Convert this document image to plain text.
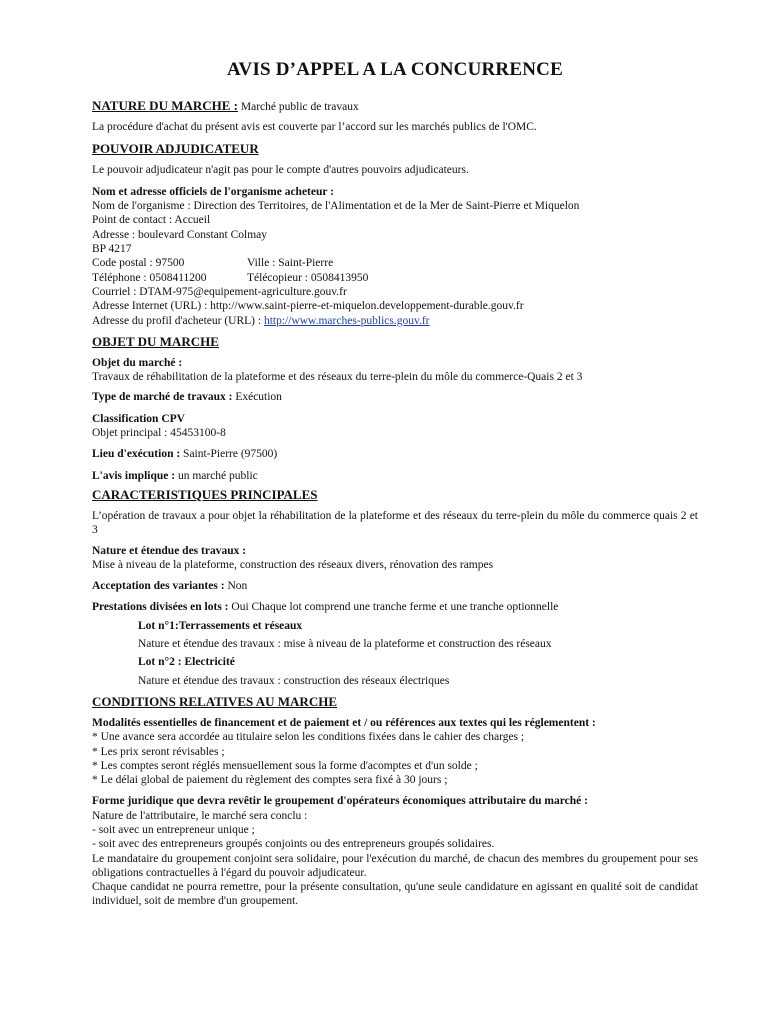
AVIS D’APPEL A LA CONCURRENCE

NATURE DU MARCHE : Marché public de travaux

La procédure d'achat du présent avis est couverte par l’accord sur les marchés publics de l'OMC.

POUVOIR ADJUDICATEUR

Le pouvoir adjudicateur n'agit pas pour le compte d'autres pouvoirs adjudicateurs.

Nom et adresse officiels de l'organisme acheteur :

Nom de l'organisme : Direction des Territoires, de l'Alimentation et de la Mer de Saint-Pierre et Miquelon

Point de contact : Accueil

Adresse : boulevard Constant Colmay

BP 4217

Code postal : 97500	Ville : Saint-Pierre

Téléphone : 0508411200	Télécopieur : 0508413950

Courriel : DTAM-975@equipement-agriculture.gouv.fr

Adresse Internet (URL) : http://www.saint-pierre-et-miquelon.developpement-durable.gouv.fr

Adresse du profil d'acheteur (URL) : http://www.marches-publics.gouv.fr

OBJET DU MARCHE

Objet du marché :

Travaux de réhabilitation de la plateforme et des réseaux du terre-plein du môle du commerce-Quais 2 et 3

Type de marché de travaux : Exécution

Classification CPV

Objet principal : 45453100-8

Lieu d'exécution : Saint-Pierre (97500)

L'avis implique : un marché public

CARACTERISTIQUES PRINCIPALES

L’opération de travaux a pour objet la réhabilitation de la plateforme et des réseaux du terre-plein du môle du commerce quais 2 et 3

Nature et étendue des travaux :

Mise à niveau de la plateforme, construction des réseaux divers, rénovation des rampes

Acceptation des variantes : Non

Prestations divisées en lots : Oui Chaque lot comprend une tranche ferme et une tranche optionnelle

Lot n°1:Terrassements et réseaux

Nature et étendue des travaux : mise à niveau de la plateforme et construction des réseaux

Lot n°2 : Electricité

Nature et étendue des travaux : construction des réseaux électriques

CONDITIONS RELATIVES AU MARCHE

Modalités essentielles de financement et de paiement et / ou références aux textes qui les réglementent :

* Une avance sera accordée au titulaire selon les conditions fixées dans le cahier des charges ;

* Les prix seront révisables ;

* Les comptes seront réglés mensuellement sous la forme d'acomptes et d'un solde ;

* Le délai global de paiement du règlement des comptes sera fixé à 30 jours ;

Forme juridique que devra revêtir le groupement d'opérateurs économiques attributaire du marché :

Nature de l'attributaire, le marché sera conclu :

- soit avec un entrepreneur unique ;

- soit avec des entrepreneurs groupés conjoints ou des entrepreneurs groupés solidaires.

Le mandataire du groupement conjoint sera solidaire, pour l'exécution du marché, de chacun des membres du groupement pour ses obligations contractuelles à l'égard du pouvoir adjudicateur.

Chaque candidat ne pourra remettre, pour la présente consultation, qu'une seule candidature en agissant en qualité soit de candidat individuel, soit de membre d'un groupement.
